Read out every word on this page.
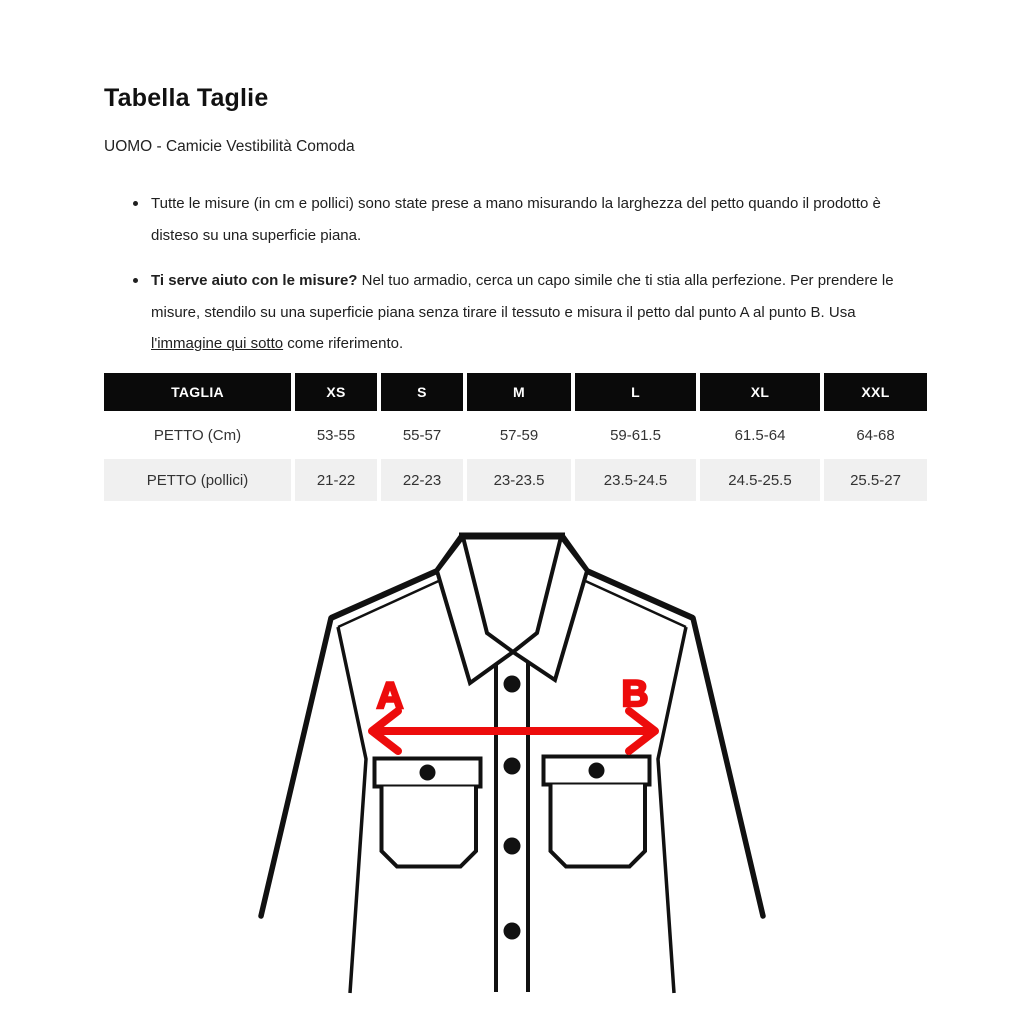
Tabella Taglie
UOMO - Camicie Vestibilità Comoda
Tutte le misure (in cm e pollici) sono state prese a mano misurando la larghezza del petto quando il prodotto è disteso su una superficie piana.
Ti serve aiuto con le misure? Nel tuo armadio, cerca un capo simile che ti stia alla perfezione. Per prendere le misure, stendilo su una superficie piana senza tirare il tessuto e misura il petto dal punto A al punto B. Usa l'immagine qui sotto come riferimento.
TAGLIA	XS	S	M	L	XL	XXL
PETTO (Cm)	53-55	55-57	57-59	59-61.5	61.5-64	64-68
PETTO (pollici)	21-22	22-23	23-23.5	23.5-24.5	24.5-25.5	25.5-27
A	B
